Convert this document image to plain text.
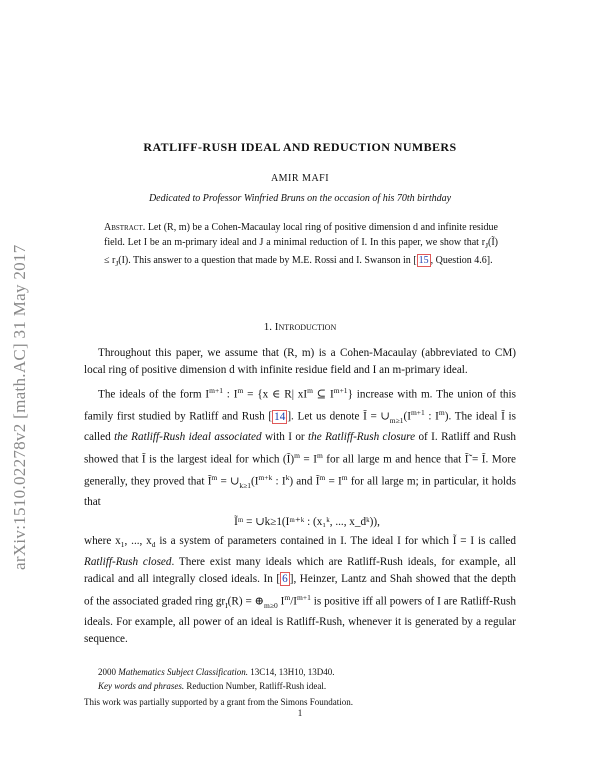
arXiv:1510.02278v2 [math.AC] 31 May 2017
RATLIFF-RUSH IDEAL AND REDUCTION NUMBERS
AMIR MAFI
Dedicated to Professor Winfried Bruns on the occasion of his 70th birthday
Abstract. Let (R, m) be a Cohen-Macaulay local ring of positive dimension d and infinite residue field. Let I be an m-primary ideal and J a minimal reduction of I. In this paper, we show that $r_J(Ĩ) \le r_J(I)$. This answer to a question that made by M.E. Rossi and I. Swanson in [ 15 , Question 4.6].
1. Introduction

Throughout this paper, we assume that (R, m) is a Cohen-Macaulay (abbreviated to CM) local ring of positive dimension d with infinite residue field and I an m-primary ideal.

The ideals of the form $I^{m+1}$ : $I^m = \{x$ ∈ R| $xI^m$ ⊆ $I^{m+1}$} increase with m. The union of this family first studied by Ratliff and Rush [ 14 ]. Let us denote Ĩ = $\cup_{m\ge 1}(I^{m+1}$ : $I^m$). The ideal Ĩ is called the Ratliff-Rush ideal associated with I or the Ratliff-Rush closure of I. Ratliff and Rush showed that Ĩ is the largest ideal for which (Ĩ)$^m$ = $I^m$ for all large m and hence that Ĩ̃ = Ĩ. More generally, they proved that $Ĩ^m$ = $\cup_{k\ge 1}(I^{m+k}$ : $I^k$) and $Ĩ^m = I^m$ for all large m; in particular, it holds that

Ĩᵐ = ∪k≥1(Iᵐ⁺ᵏ : (x₁ᵏ, ..., x_dᵏ)),

where $x_1$, ..., $x_d$ is a system of parameters contained in I. The ideal I for which Ĩ = I is called Ratliff-Rush closed. There exist many ideals which are Ratliff-Rush ideals, for example, all radical and all integrally closed ideals. In [ 6 ], Heinzer, Lantz and Shah showed that the depth of the associated graded ring $gr_I(R)$ = $\oplus_{m\ge 0}$ $I^m/I^{m+1}$ is positive iff all powers of I are Ratliff-Rush ideals. For example, all power of an ideal is Ratliff-Rush, whenever it is generated by a regular sequence.

2000 Mathematics Subject Classification. 13C14, 13H10, 13D40.
Key words and phrases. Reduction Number, Ratliff-Rush ideal.
This work was partially supported by a grant from the Simons Foundation.
1
